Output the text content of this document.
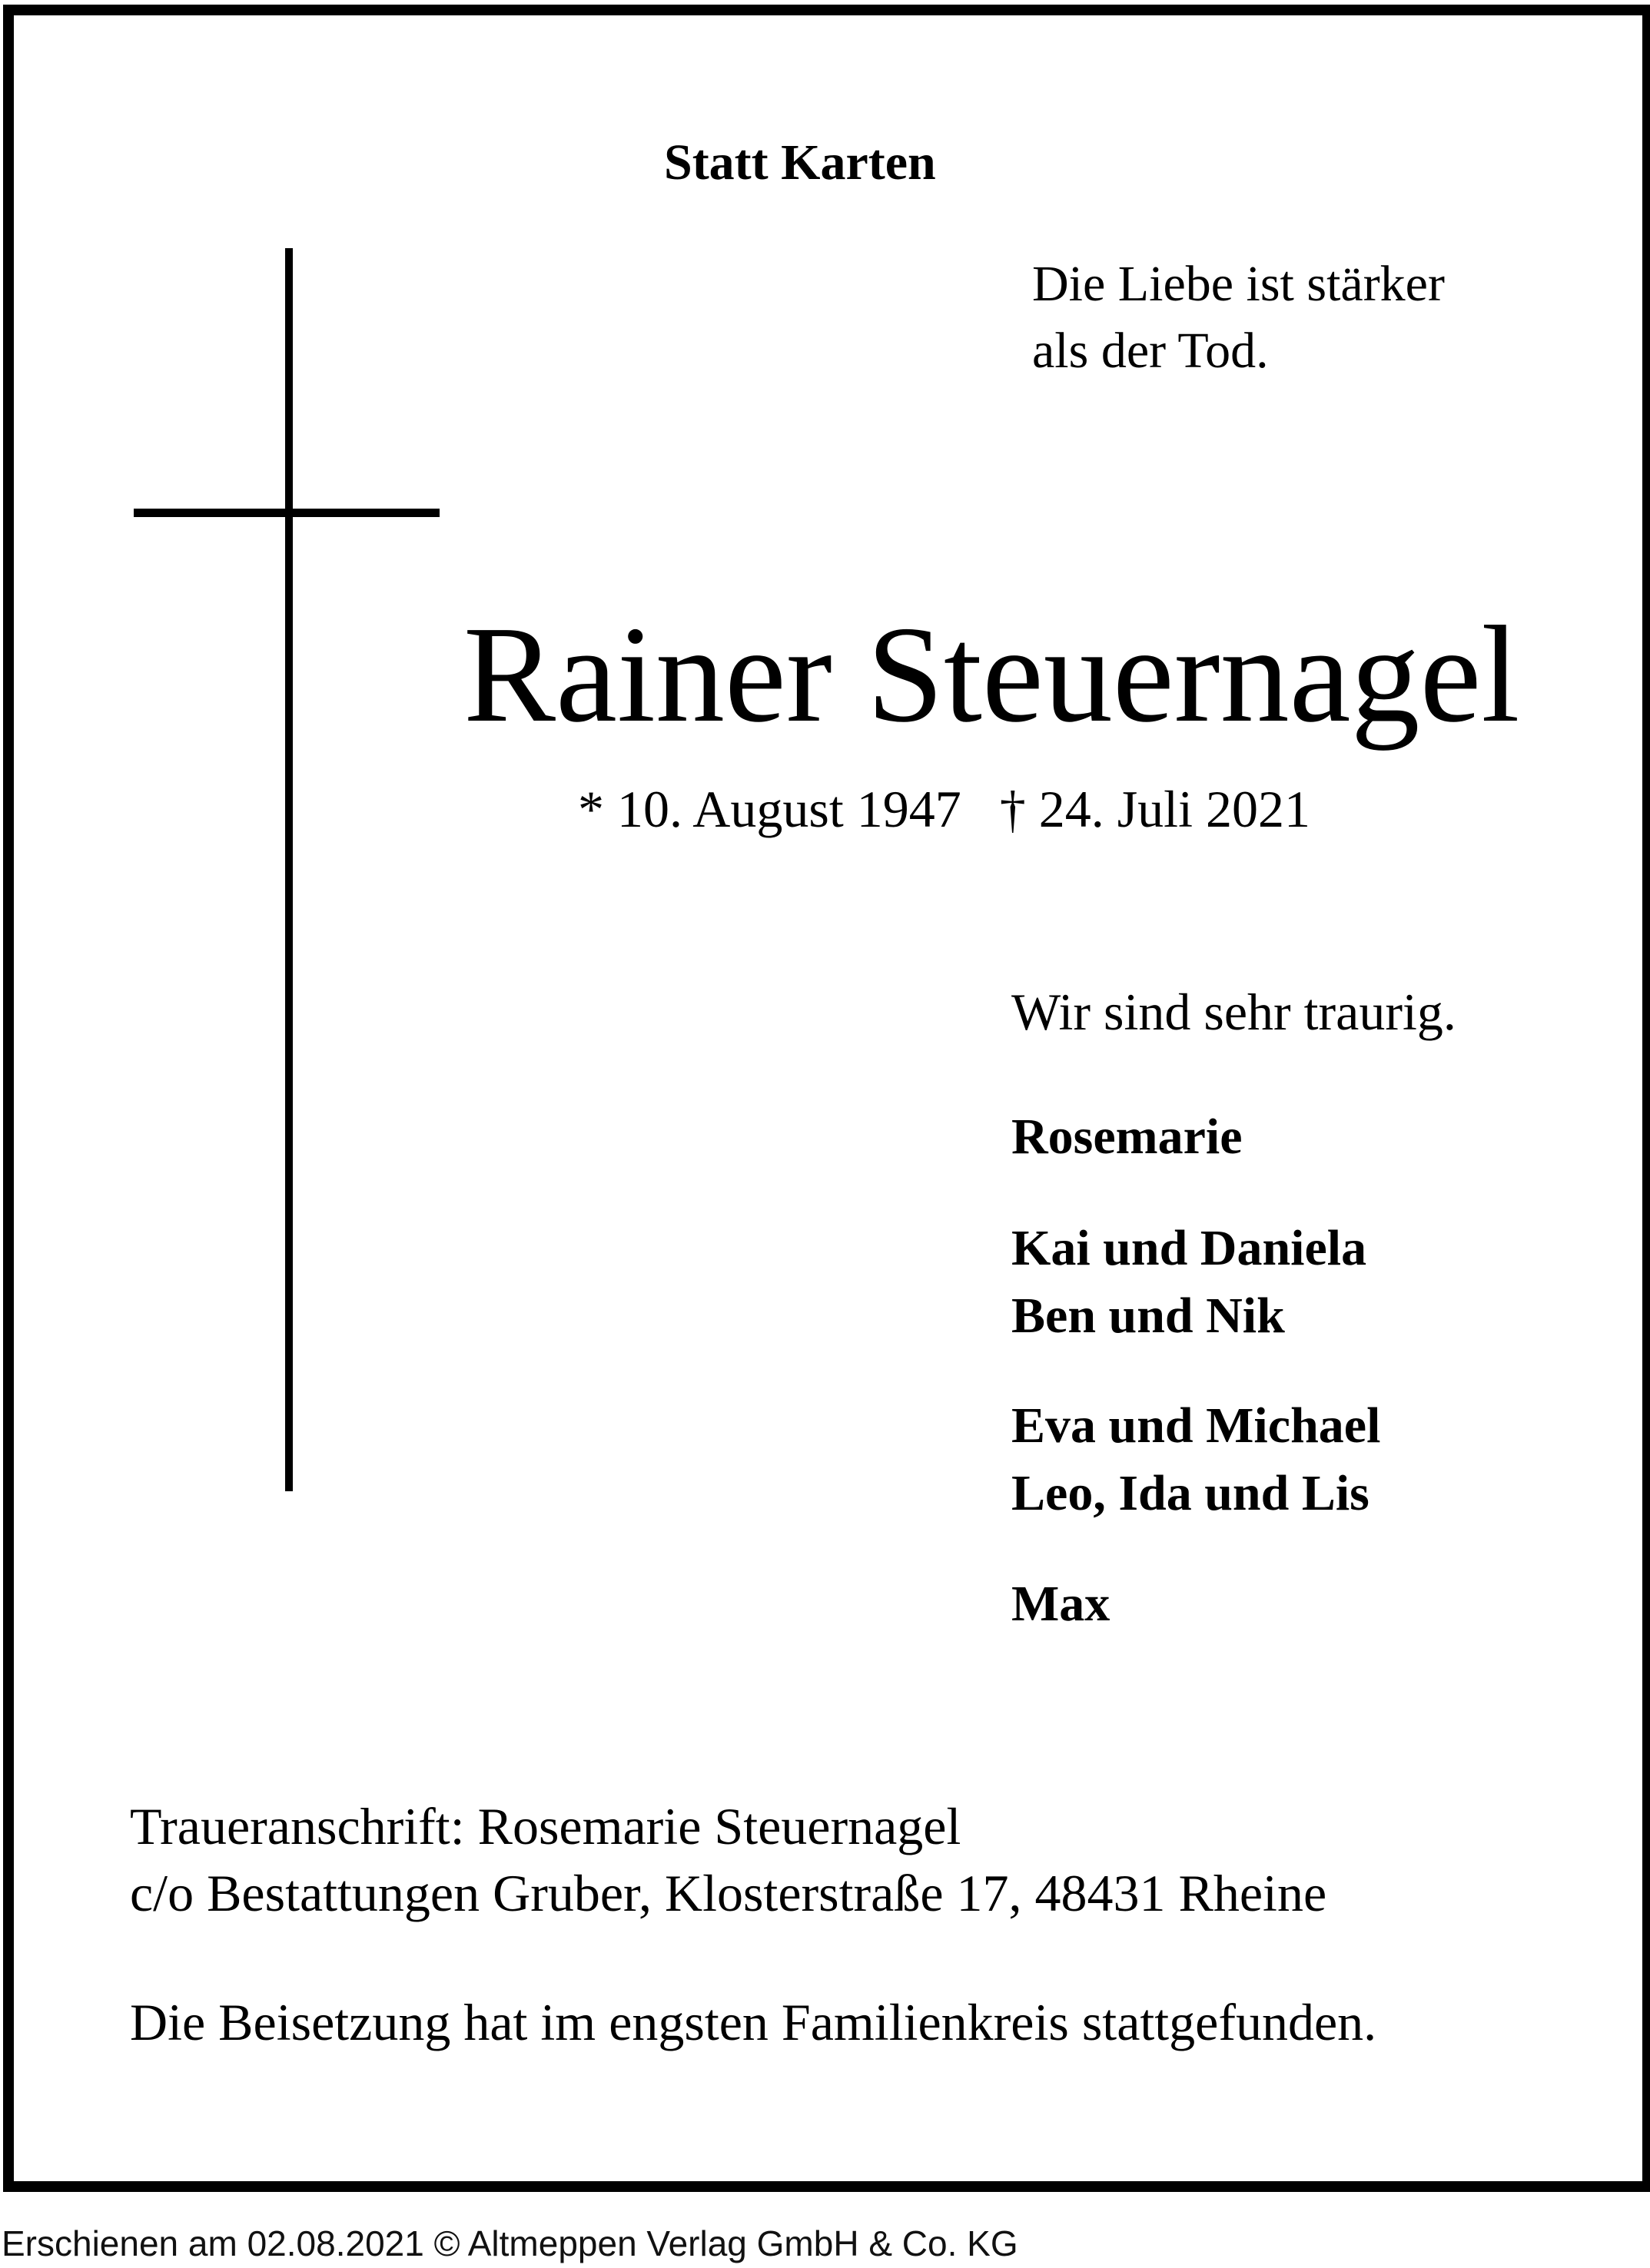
Statt Karten
Die Liebe ist stärker
als der Tod.
Rainer Steuernagel
* 10. August 1947 † 24. Juli 2021
Wir sind sehr traurig.
Rosemarie
Kai und Daniela
Ben und Nik
Eva und Michael
Leo, Ida und Lis
Max
Traueranschrift: Rosemarie Steuernagel
c/o Bestattungen Gruber, Klosterstraße 17, 48431 Rheine
Die Beisetzung hat im engsten Familienkreis stattgefunden.
Erschienen am 02.08.2021 © Altmeppen Verlag GmbH & Co. KG
